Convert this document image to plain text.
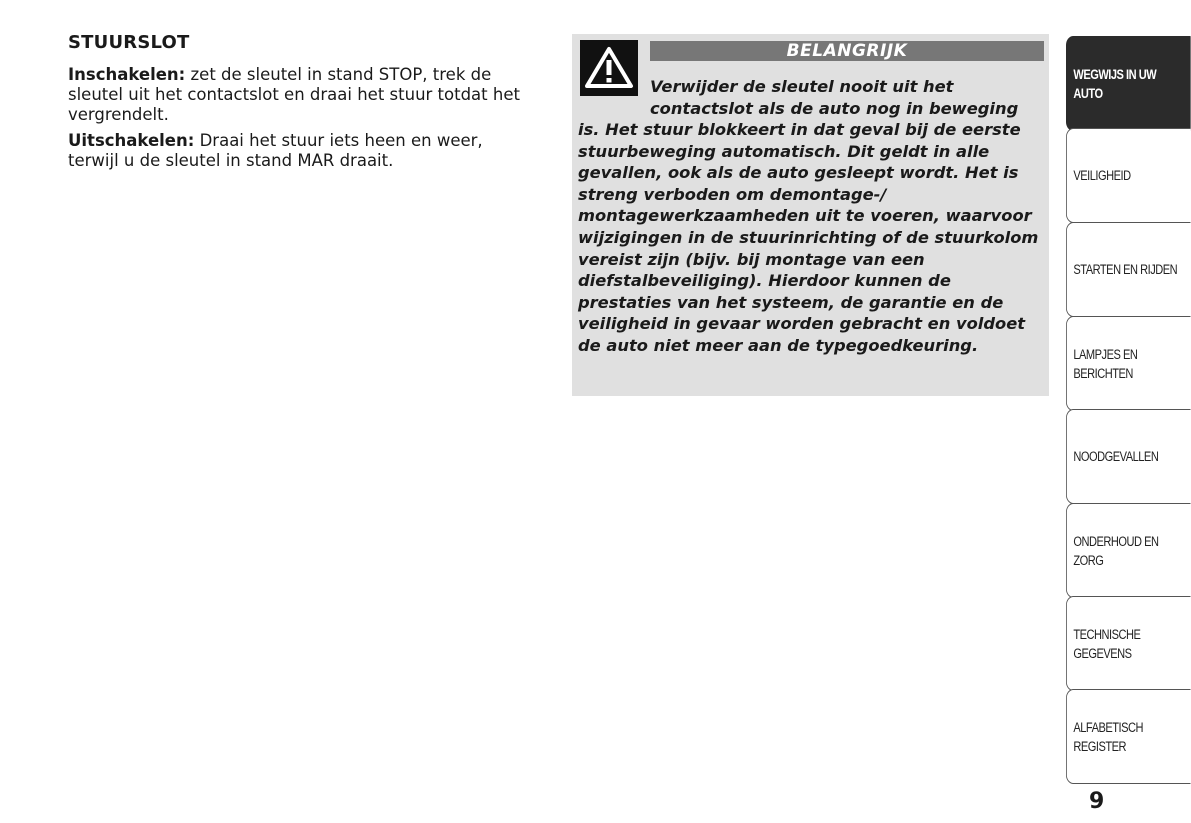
STUURSLOT

Inschakelen: zet de sleutel in stand STOP, trek de sleutel uit het contactslot en draai het stuur totdat het vergrendelt.

Uitschakelen: Draai het stuur iets heen en weer, terwijl u de sleutel in stand MAR draait.

BELANGRIJK
Verwijder de sleutel nooit uit het contactslot als de auto nog in beweging
is. Het stuur blokkeert in dat geval bij de eerste stuurbeweging automatisch. Dit geldt in alle gevallen, ook als de auto gesleept wordt. Het is streng verboden om demontage-/ montagewerkzaamheden uit te voeren, waarvoor wijzigingen in de stuurinrichting of de stuurkolom vereist zijn (bijv. bij montage van een diefstalbeveiliging). Hierdoor kunnen de prestaties van het systeem, de garantie en de veiligheid in gevaar worden gebracht en voldoet de auto niet meer aan de typegoedkeuring.
WEGWIJS IN UW AUTO
VEILIGHEID
STARTEN EN RIJDEN
LAMPJES EN BERICHTEN
NOODGEVALLEN
ONDERHOUD EN ZORG
TECHNISCHE GEGEVENS
ALFABETISCH REGISTER
9
